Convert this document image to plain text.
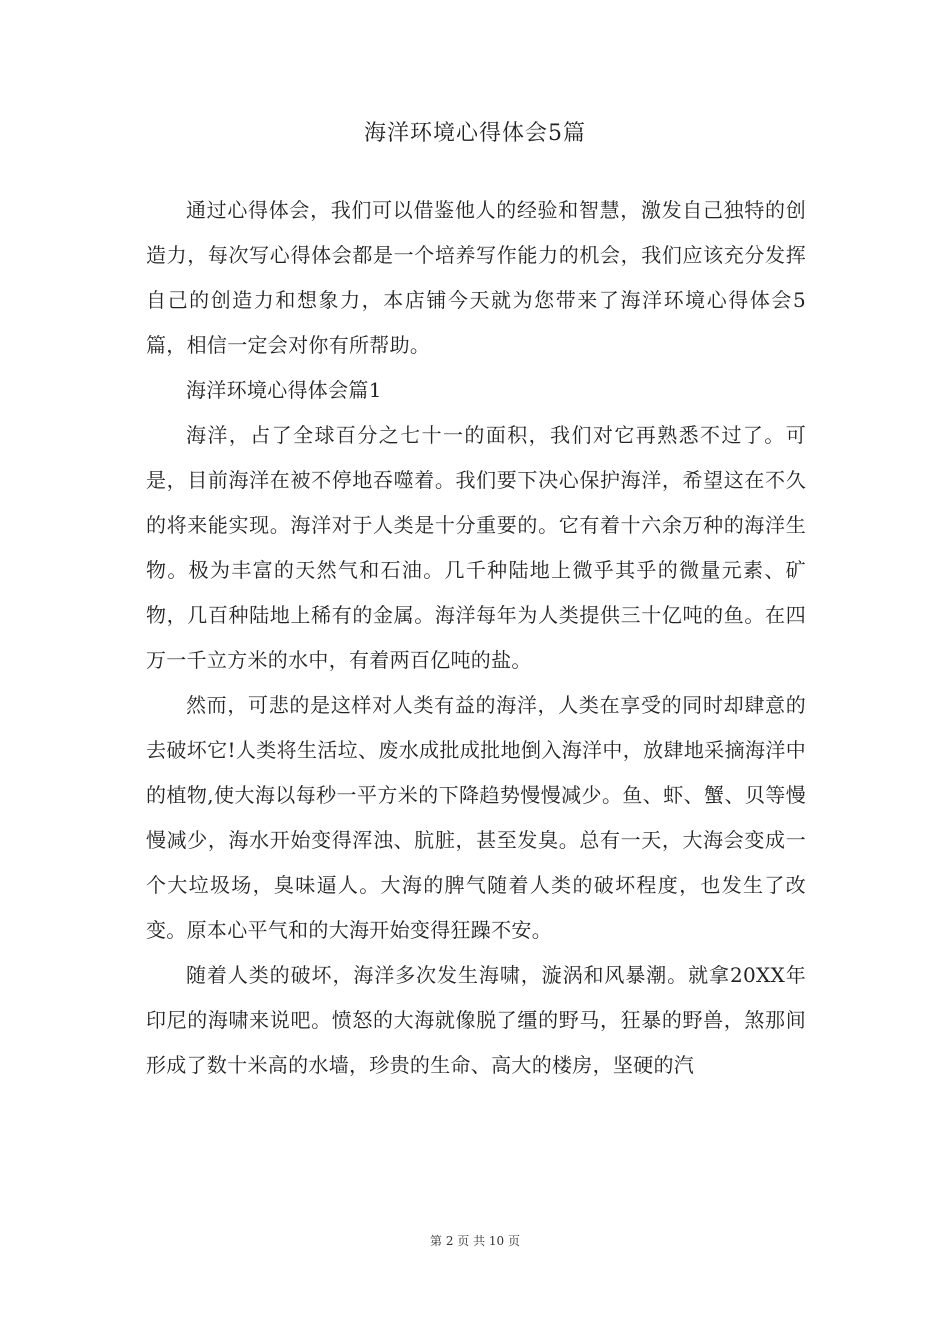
海洋环境心得体会5篇

通过心得体会，我们可以借鉴他人的经验和智慧，激发自己独特的创造力，每次写心得体会都是一个培养写作能力的机会，我们应该充分发挥自己的创造力和想象力，本店铺今天就为您带来了海洋环境心得体会5篇，相信一定会对你有所帮助。

海洋环境心得体会篇1

海洋，占了全球百分之七十一的面积，我们对它再熟悉不过了。可是，目前海洋在被不停地吞噬着。我们要下决心保护海洋，希望这在不久的将来能实现。海洋对于人类是十分重要的。它有着十六余万种的海洋生物。极为丰富的天然气和石油。几千种陆地上微乎其乎的微量元素、矿物，几百种陆地上稀有的金属。海洋每年为人类提供三十亿吨的鱼。在四万一千立方米的水中，有着两百亿吨的盐。

然而，可悲的是这样对人类有益的海洋，人类在享受的同时却肆意的去破坏它!人类将生活垃、废水成批成批地倒入海洋中，放肆地采摘海洋中的植物,使大海以每秒一平方米的下降趋势慢慢减少。鱼、虾、蟹、贝等慢慢减少，海水开始变得浑浊、肮脏，甚至发臭。总有一天，大海会变成一个大垃圾场，臭味逼人。大海的脾气随着人类的破坏程度，也发生了改变。原本心平气和的大海开始变得狂躁不安。

随着人类的破坏，海洋多次发生海啸，漩涡和风暴潮。就拿20XX年印尼的海啸来说吧。愤怒的大海就像脱了缰的野马，狂暴的野兽，煞那间形成了数十米高的水墙，珍贵的生命、高大的楼房，坚硬的汽

第 2 页 共 10 页
